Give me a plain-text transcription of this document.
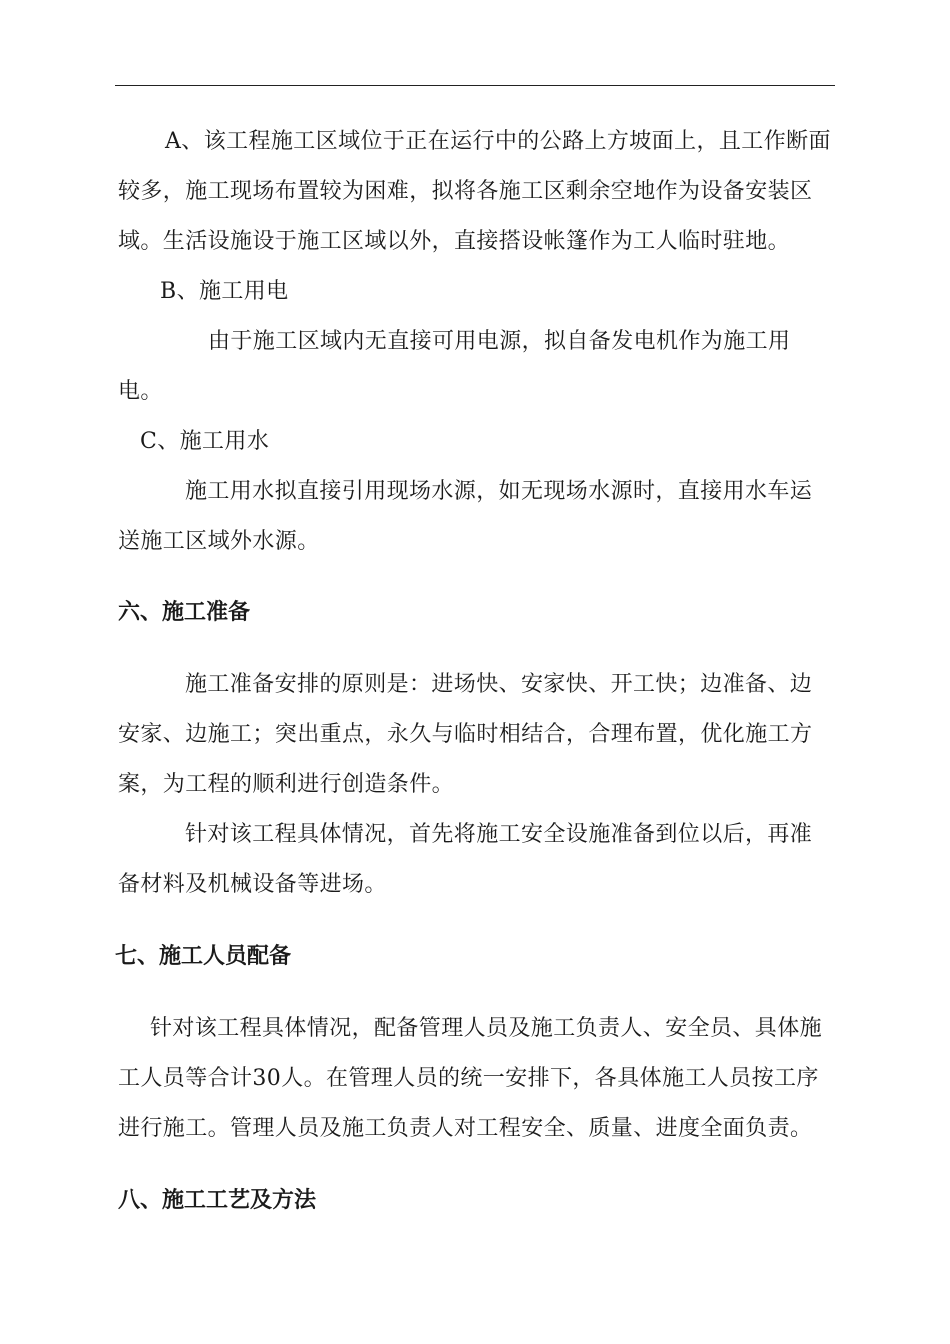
A、该工程施工区域位于正在运行中的公路上方坡面上，且工作断面
较多，施工现场布置较为困难，拟将各施工区剩余空地作为设备安装区
域。生活设施设于施工区域以外，直接搭设帐篷作为工人临时驻地。
B、施工用电
由于施工区域内无直接可用电源，拟自备发电机作为施工用
电。
C、施工用水
施工用水拟直接引用现场水源，如无现场水源时，直接用水车运
送施工区域外水源。
六、施工准备
施工准备安排的原则是：进场快、安家快、开工快；边准备、边
安家、边施工；突出重点，永久与临时相结合，合理布置，优化施工方
案，为工程的顺利进行创造条件。
针对该工程具体情况，首先将施工安全设施准备到位以后，再准
备材料及机械设备等进场。
七、施工人员配备
针对该工程具体情况，配备管理人员及施工负责人、安全员、具体施
工人员等合计30人。在管理人员的统一安排下，各具体施工人员按工序
进行施工。管理人员及施工负责人对工程安全、质量、进度全面负责。
八、施工工艺及方法
